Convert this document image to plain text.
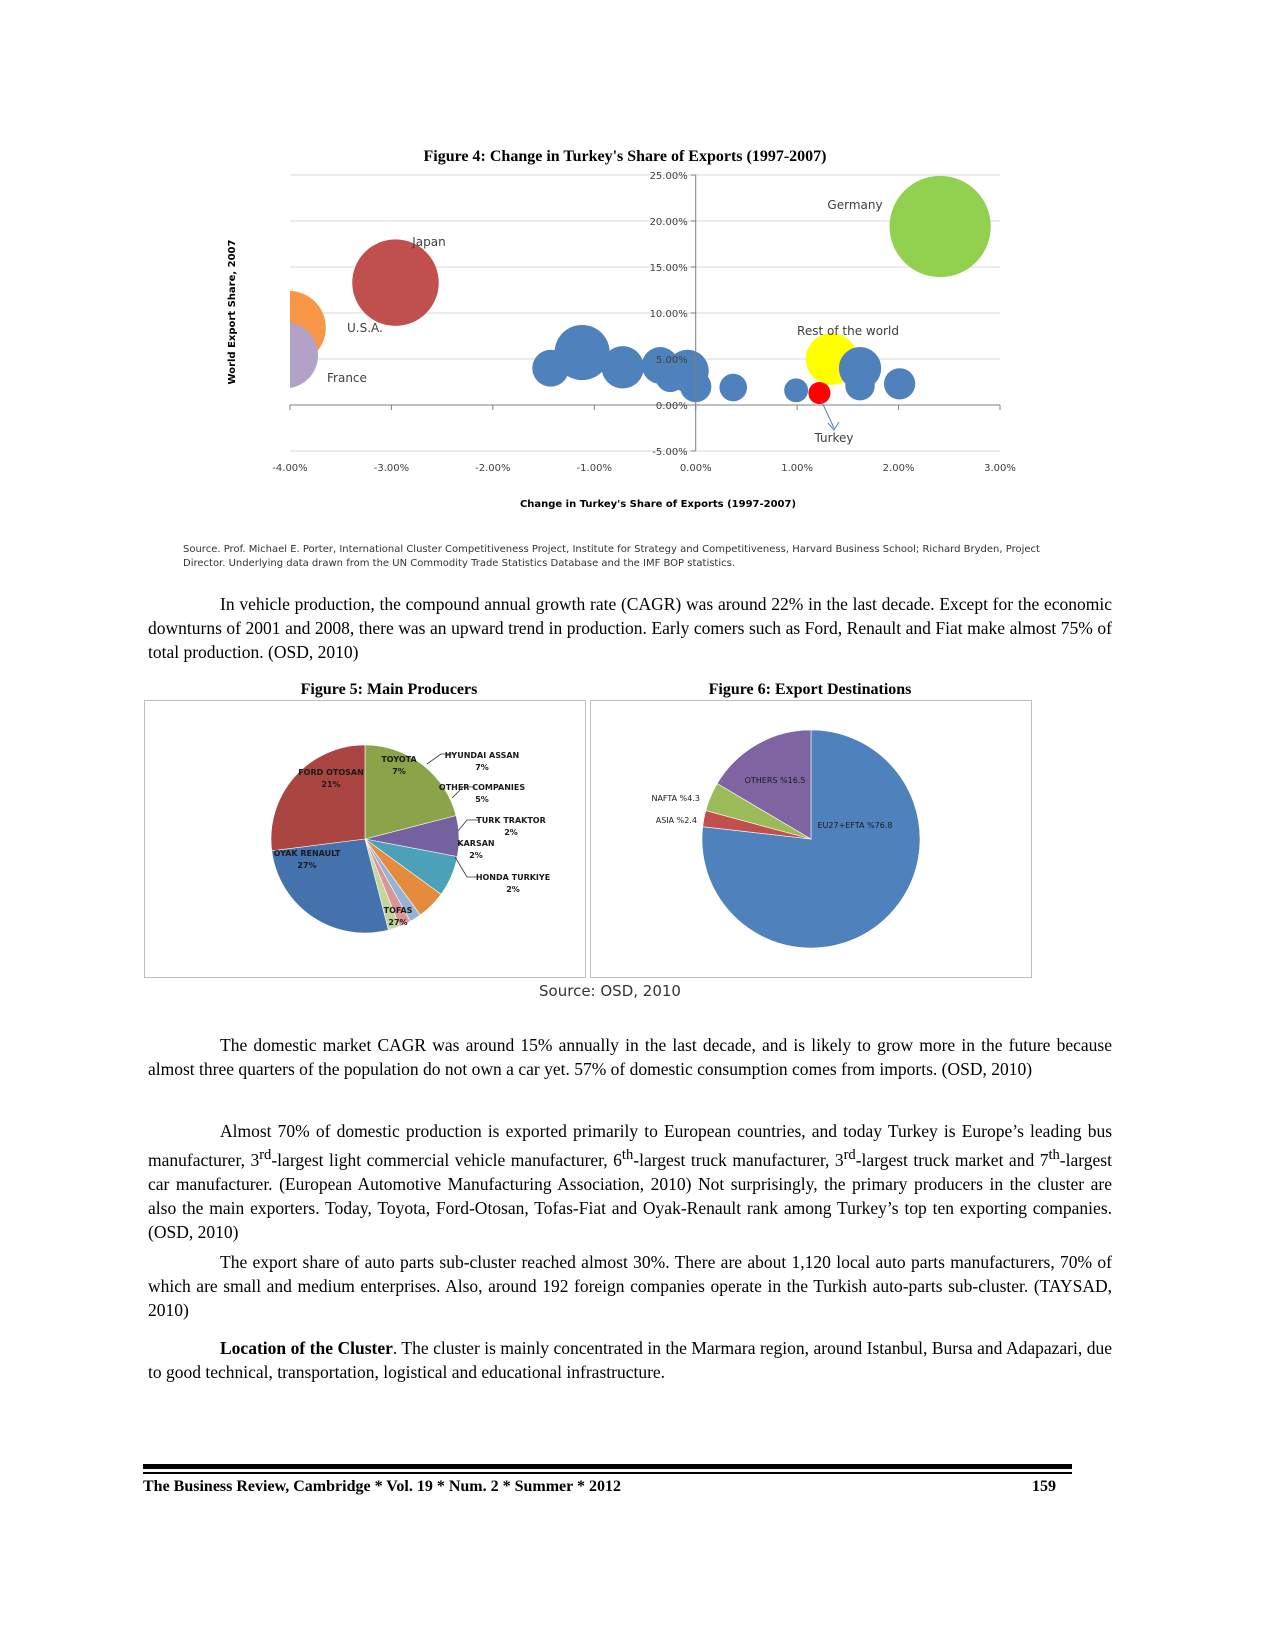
Figure 4: Change in Turkey's Share of Exports (1997-2007)
25.00%
20.00%
15.00%
10.00%
5.00%
0.00%
-5.00%
-4.00%	-3.00%	-2.00%	-1.00%	0.00%	1.00%	2.00%	3.00%
Change in Turkey's Share of Exports (1997-2007)
World Export Share, 2007
Germany
Japan
U.S.A.
France
Rest of the world
Turkey
Source. Prof. Michael E. Porter, International Cluster Competitiveness Project, Institute for Strategy and Competitiveness, Harvard Business School; Richard Bryden, Project Director. Underlying data drawn from the UN Commodity Trade Statistics Database and the IMF BOP statistics.
In vehicle production, the compound annual growth rate (CAGR) was around 22% in the last decade. Except for the economic downturns of 2001 and 2008, there was an upward trend in production. Early comers such as Ford, Renault and Fiat make almost 75% of total production. (OSD, 2010)
Figure 5: Main Producers	Figure 6: Export Destinations
FORD OTOSAN
21%
TOYOTA
7%
HYUNDAI ASSAN
7%
OTHER COMPANIES
5%
TURK TRAKTOR
2%
KARSAN
2%
HONDA TURKIYE
2%
TOFAS
27%
OYAK RENAULT
27%
EU27+EFTA %76.8
ASIA %2.4
NAFTA %4.3
OTHERS %16.5
Source: OSD, 2010
The domestic market CAGR was around 15% annually in the last decade, and is likely to grow more in the future because almost three quarters of the population do not own a car yet. 57% of domestic consumption comes from imports. (OSD, 2010)
Almost 70% of domestic production is exported primarily to European countries, and today Turkey is Europe’s leading bus manufacturer, 3rd-largest light commercial vehicle manufacturer, 6th-largest truck manufacturer, 3rd-largest truck market and 7th-largest car manufacturer. (European Automotive Manufacturing Association, 2010) Not surprisingly, the primary producers in the cluster are also the main exporters. Today, Toyota, Ford-Otosan, Tofas-Fiat and Oyak-Renault rank among Turkey’s top ten exporting companies. (OSD, 2010)
The export share of auto parts sub-cluster reached almost 30%. There are about 1,120 local auto parts manufacturers, 70% of which are small and medium enterprises. Also, around 192 foreign companies operate in the Turkish auto-parts sub-cluster. (TAYSAD, 2010)
Location of the Cluster. The cluster is mainly concentrated in the Marmara region, around Istanbul, Bursa and Adapazari, due to good technical, transportation, logistical and educational infrastructure.
The Business Review, Cambridge * Vol. 19 * Num. 2 * Summer * 2012	159
